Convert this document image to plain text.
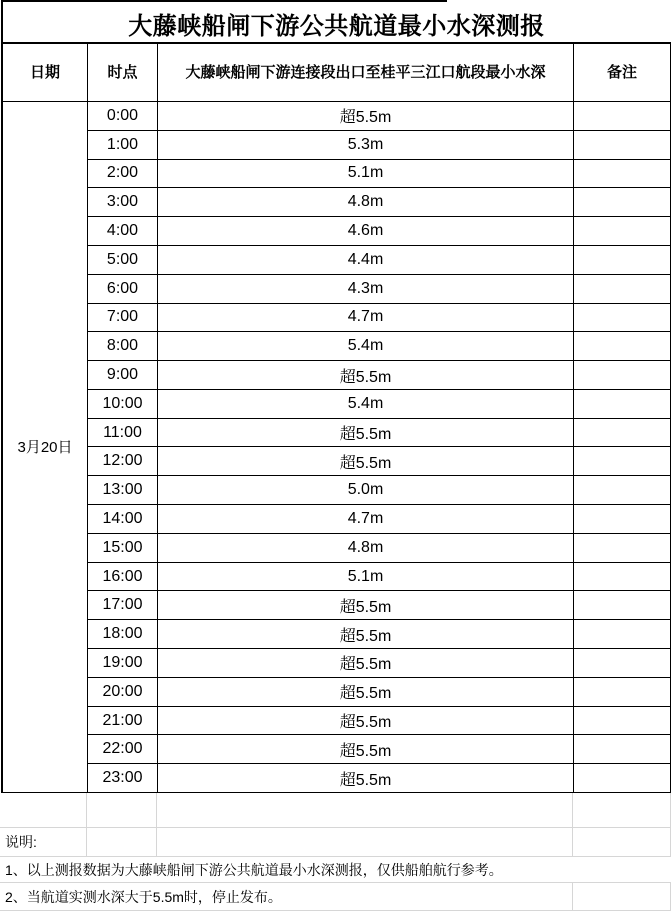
大藤峡船闸下游公共航道最小水深测报
日期	时点	大藤峡船闸下游连接段出口至桂平三江口航段最小水深	备注
3月20日
0:00	超5.5m
1:00	5.3m
2:00	5.1m
3:00	4.8m
4:00	4.6m
5:00	4.4m
6:00	4.3m
7:00	4.7m
8:00	5.4m
9:00	超5.5m
10:00	5.4m
11:00	超5.5m
12:00	超5.5m
13:00	5.0m
14:00	4.7m
15:00	4.8m
16:00	5.1m
17:00	超5.5m
18:00	超5.5m
19:00	超5.5m
20:00	超5.5m
21:00	超5.5m
22:00	超5.5m
23:00	超5.5m
说明:
1、以上测报数据为大藤峡船闸下游公共航道最小水深测报，仅供船舶航行参考。
2、当航道实测水深大于5.5m时，停止发布。
